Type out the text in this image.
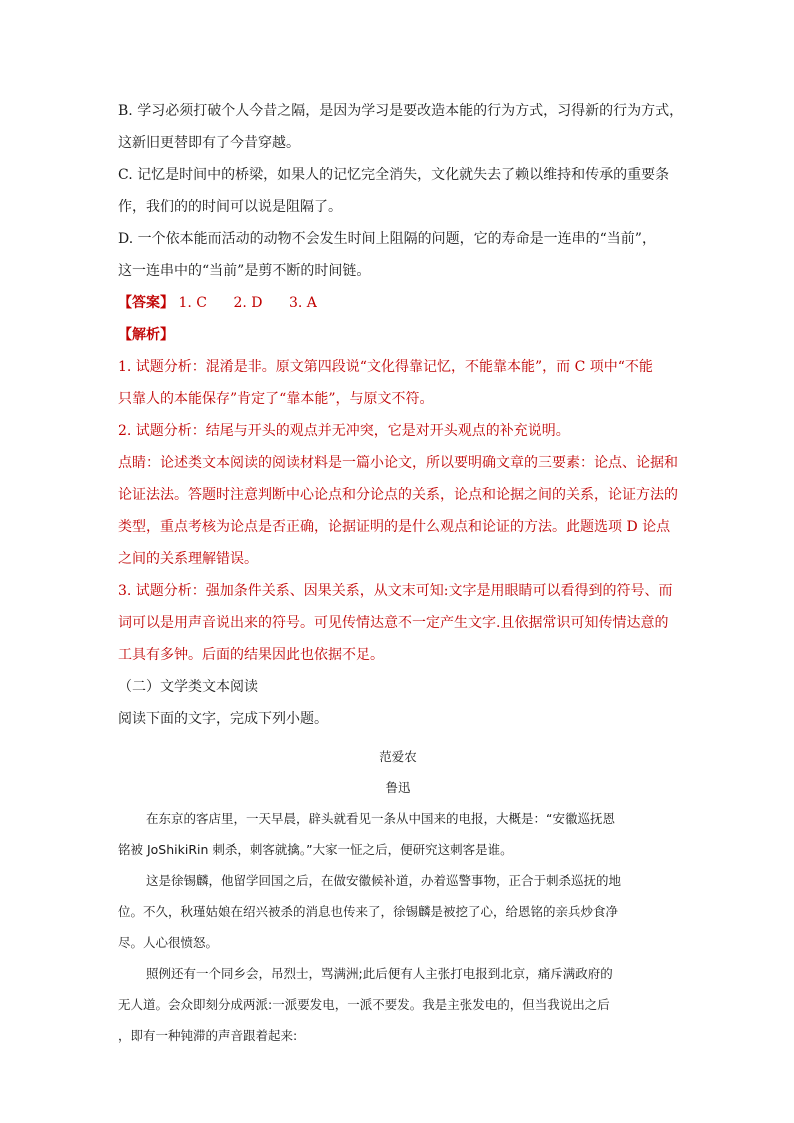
B. 学习必须打破个人今昔之隔，是因为学习是要改造本能的行为方式，习得新的行为方式，
这新旧更替即有了今昔穿越。
C. 记忆是时间中的桥梁，如果人的记忆完全消失，文化就失去了赖以维持和传承的重要条
作，我们的的时间可以说是阻隔了。
D. 一个依本能而活动的动物不会发生时间上阻隔的问题，它的寿命是一连串的“当前”，
这一连串中的“当前”是剪不断的时间链。
【答案】 1. C 2. D 3. A
【解析】
1. 试题分析：混淆是非。原文第四段说“文化得靠记忆，不能靠本能”，而 C 项中“不能
只靠人的本能保存”肯定了“靠本能”，与原文不符。
2. 试题分析：结尾与开头的观点并无冲突，它是对开头观点的补充说明。
点睛：论述类文本阅读的阅读材料是一篇小论文，所以要明确文章的三要素：论点、论据和
论证法法。答题时注意判断中心论点和分论点的关系，论点和论据之间的关系，论证方法的
类型，重点考核为论点是否正确，论据证明的是什么观点和论证的方法。此题选项 D 论点
之间的关系理解错误。
3. 试题分析：强加条件关系、因果关系，从文末可知:文字是用眼睛可以看得到的符号、而
词可以是用声音说出来的符号。可见传情达意不一定产生文字.且依据常识可知传情达意的
工具有多钟。后面的结果因此也依据不足。
（二）文学类文本阅读
阅读下面的文字，完成下列小题。
范爱农
鲁迅
在东京的客店里，一天早晨，辟头就看见一条从中国来的电报，大概是：“安徽巡抚恩
铭被 JoShikiRin 刺杀，刺客就擒。”大家一怔之后，便研究这刺客是谁。
这是徐锡麟，他留学回国之后，在做安徽候补道，办着巡警事物，正合于刺杀巡抚的地
位。不久，秋瑾姑娘在绍兴被杀的消息也传来了，徐锡麟是被挖了心，给恩铭的亲兵炒食净
尽。人心很愤怒。
照例还有一个同乡会，吊烈士，骂满洲;此后便有人主张打电报到北京，痛斥满政府的
无人道。会众即刻分成两派:一派要发电，一派不要发。我是主张发电的，但当我说出之后
，即有一种钝滞的声音跟着起来:
